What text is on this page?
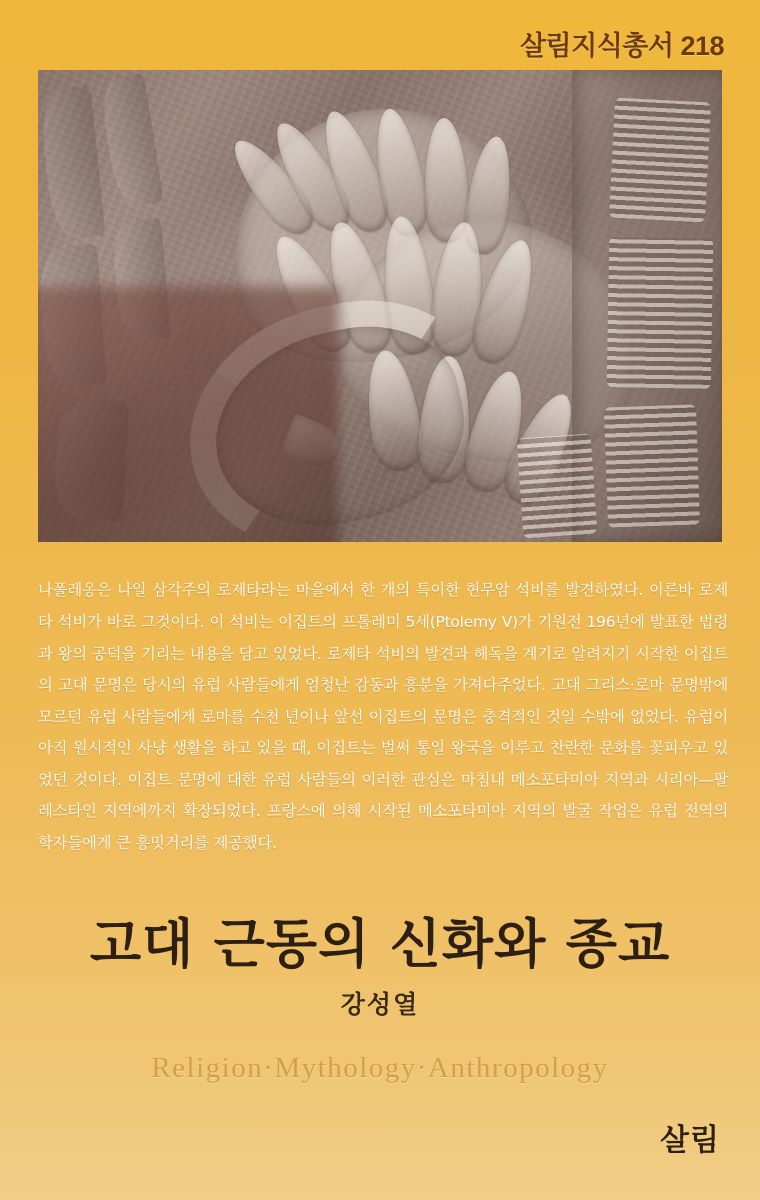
살림지식총서 218

나폴레옹은 나일 삼각주의 로제타라는 마을에서 한 개의 특이한 현무암 석비를 발견하였다. 이른바 로제타 석비가 바로 그것이다. 이 석비는 이집트의 프톨레미 5세(Ptolemy V)가 기원전 196년에 발표한 법령과 왕의 공덕을 기리는 내용을 담고 있었다. 로제타 석비의 발견과 해독을 계기로 알려지기 시작한 이집트의 고대 문명은 당시의 유럽 사람들에게 엄청난 감동과 흥분을 가져다주었다. 고대 그리스·로마 문명밖에 모르던 유럽 사람들에게 로마를 수천 년이나 앞선 이집트의 문명은 충격적인 것일 수밖에 없었다. 유럽이 아직 원시적인 사냥 생활을 하고 있을 때, 이집트는 벌써 통일 왕국을 이루고 찬란한 문화를 꽃피우고 있었던 것이다. 이집트 문명에 대한 유럽 사람들의 이러한 관심은 마침내 메소포타미아 지역과 시리아—팔레스타인 지역에까지 확장되었다. 프랑스에 의해 시작된 메소포타미아 지역의 발굴 작업은 유럽 전역의 학자들에게 큰 흥밋거리를 제공했다.

고대 근동의 신화와 종교
강성열
Religion·Mythology·Anthropology
살림
